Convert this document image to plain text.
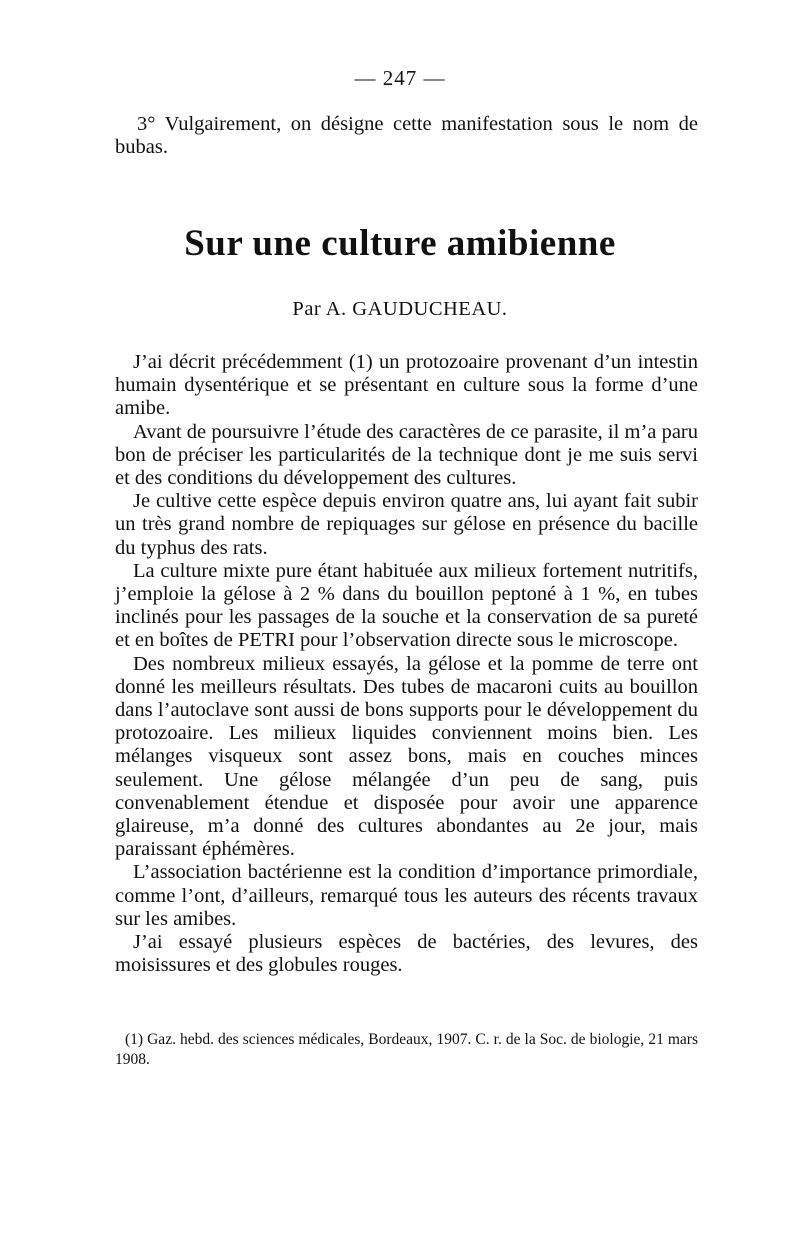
— 247 —

3° Vulgairement, on désigne cette manifestation sous le nom de bubas.

Sur une culture amibienne
Par A. GAUDUCHEAU.

J’ai décrit précédemment (1) un protozoaire provenant d’un intestin humain dysentérique et se présentant en culture sous la forme d’une amibe.

Avant de poursuivre l’étude des caractères de ce parasite, il m’a paru bon de préciser les particularités de la technique dont je me suis servi et des conditions du développement des cultures.

Je cultive cette espèce depuis environ quatre ans, lui ayant fait subir un très grand nombre de repiquages sur gélose en présence du bacille du typhus des rats.

La culture mixte pure étant habituée aux milieux fortement nutritifs, j’emploie la gélose à 2 % dans du bouillon peptoné à 1 %, en tubes inclinés pour les passages de la souche et la conservation de sa pureté et en boîtes de PETRI pour l’observation directe sous le microscope.

Des nombreux milieux essayés, la gélose et la pomme de terre ont donné les meilleurs résultats. Des tubes de macaroni cuits au bouillon dans l’autoclave sont aussi de bons supports pour le développement du protozoaire. Les milieux liquides conviennent moins bien. Les mélanges visqueux sont assez bons, mais en couches minces seulement. Une gélose mélangée d’un peu de sang, puis convenablement étendue et disposée pour avoir une apparence glaireuse, m’a donné des cultures abondantes au 2e jour, mais paraissant éphémères.

L’association bactérienne est la condition d’importance primordiale, comme l’ont, d’ailleurs, remarqué tous les auteurs des récents travaux sur les amibes.

J’ai essayé plusieurs espèces de bactéries, des levures, des moisissures et des globules rouges.

(1) Gaz. hebd. des sciences médicales, Bordeaux, 1907. C. r. de la Soc. de biologie, 21 mars 1908.
